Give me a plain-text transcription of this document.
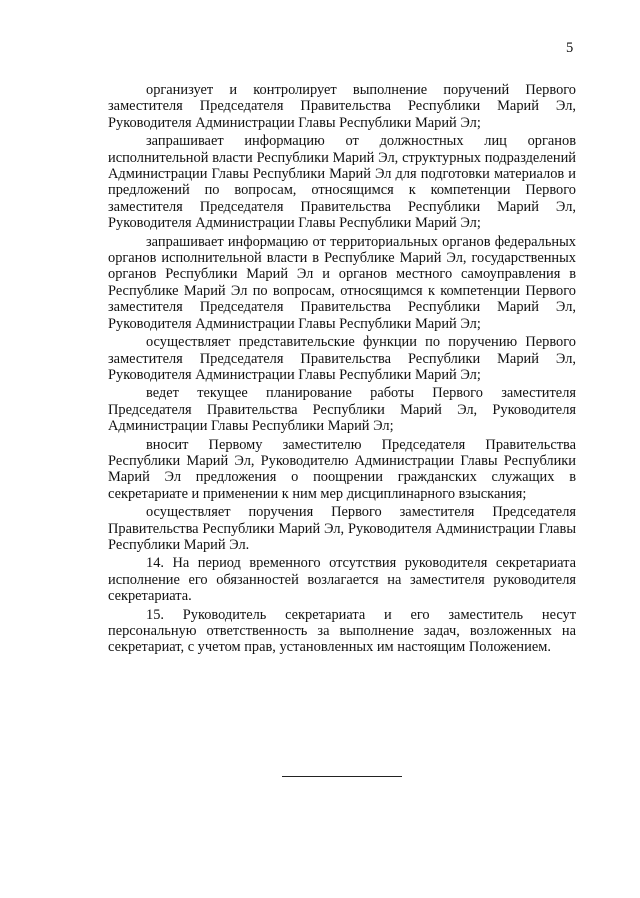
5

организует и контролирует выполнение поручений Первого заместителя Председателя Правительства Республики Марий Эл, Руководителя Администрации Главы Республики Марий Эл;

запрашивает информацию от должностных лиц органов исполнительной власти Республики Марий Эл, структурных подразделений Администрации Главы Республики Марий Эл для подготовки материалов и предложений по вопросам, относящимся к компетенции Первого заместителя Председателя Правительства Республики Марий Эл, Руководителя Администрации Главы Республики Марий Эл;

запрашивает информацию от территориальных органов федеральных органов исполнительной власти в Республике Марий Эл, государственных органов Республики Марий Эл и органов местного самоуправления в Республике Марий Эл по вопросам, относящимся к компетенции Первого заместителя Председателя Правительства Республики Марий Эл, Руководителя Администрации Главы Республики Марий Эл;

осуществляет представительские функции по поручению Первого заместителя Председателя Правительства Республики Марий Эл, Руководителя Администрации Главы Республики Марий Эл;

ведет текущее планирование работы Первого заместителя Председателя Правительства Республики Марий Эл, Руководителя Администрации Главы Республики Марий Эл;

вносит Первому заместителю Председателя Правительства Республики Марий Эл, Руководителю Администрации Главы Республики Марий Эл предложения о поощрении гражданских служащих в секретариате и применении к ним мер дисциплинарного взыскания;

осуществляет поручения Первого заместителя Председателя Правительства Республики Марий Эл, Руководителя Администрации Главы Республики Марий Эл.

14. На период временного отсутствия руководителя секретариата исполнение его обязанностей возлагается на заместителя руководителя секретариата.

15. Руководитель секретариата и его заместитель несут персональную ответственность за выполнение задач, возложенных на секретариат, с учетом прав, установленных им настоящим Положением.
